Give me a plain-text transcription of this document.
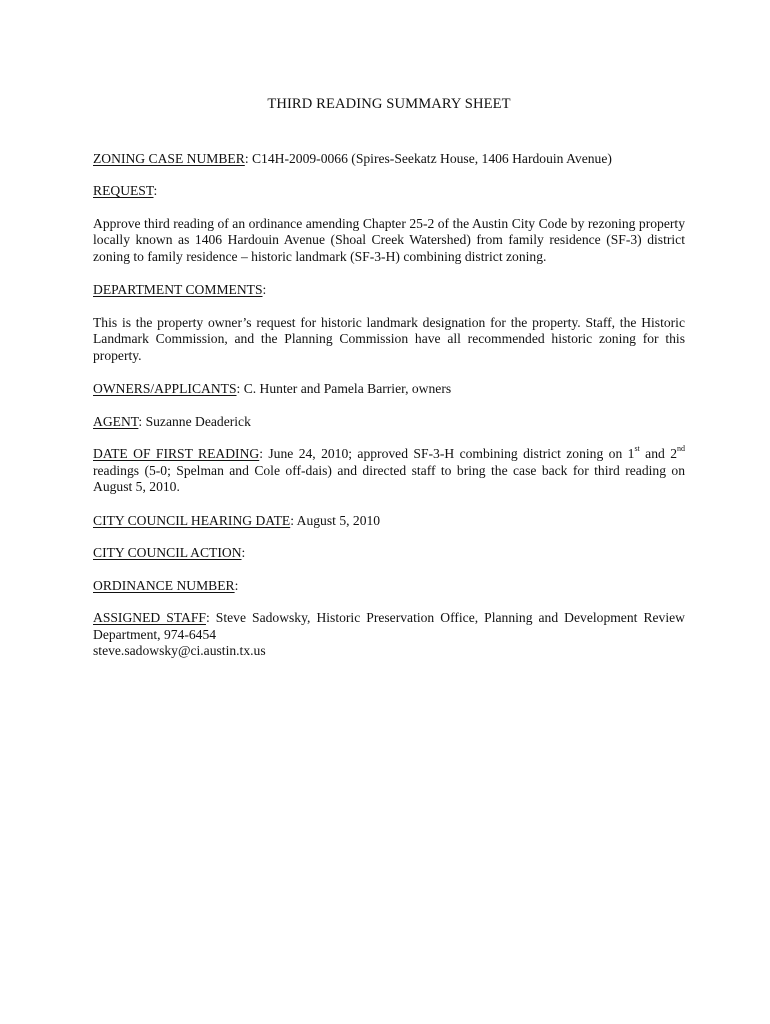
THIRD READING SUMMARY SHEET

ZONING CASE NUMBER: C14H-2009-0066 (Spires-Seekatz House, 1406 Hardouin Avenue)

REQUEST:

Approve third reading of an ordinance amending Chapter 25-2 of the Austin City Code by rezoning property locally known as 1406 Hardouin Avenue (Shoal Creek Watershed) from family residence (SF-3) district zoning to family residence – historic landmark (SF-3-H) combining district zoning.

DEPARTMENT COMMENTS:

This is the property owner’s request for historic landmark designation for the property. Staff, the Historic Landmark Commission, and the Planning Commission have all recommended historic zoning for this property.

OWNERS/APPLICANTS: C. Hunter and Pamela Barrier, owners

AGENT: Suzanne Deaderick

DATE OF FIRST READING: June 24, 2010; approved SF-3-H combining district zoning on 1st and 2nd readings (5-0; Spelman and Cole off-dais) and directed staff to bring the case back for third reading on August 5, 2010.

CITY COUNCIL HEARING DATE: August 5, 2010

CITY COUNCIL ACTION:

ORDINANCE NUMBER:

ASSIGNED STAFF: Steve Sadowsky, Historic Preservation Office, Planning and Development Review Department, 974-6454
steve.sadowsky@ci.austin.tx.us
